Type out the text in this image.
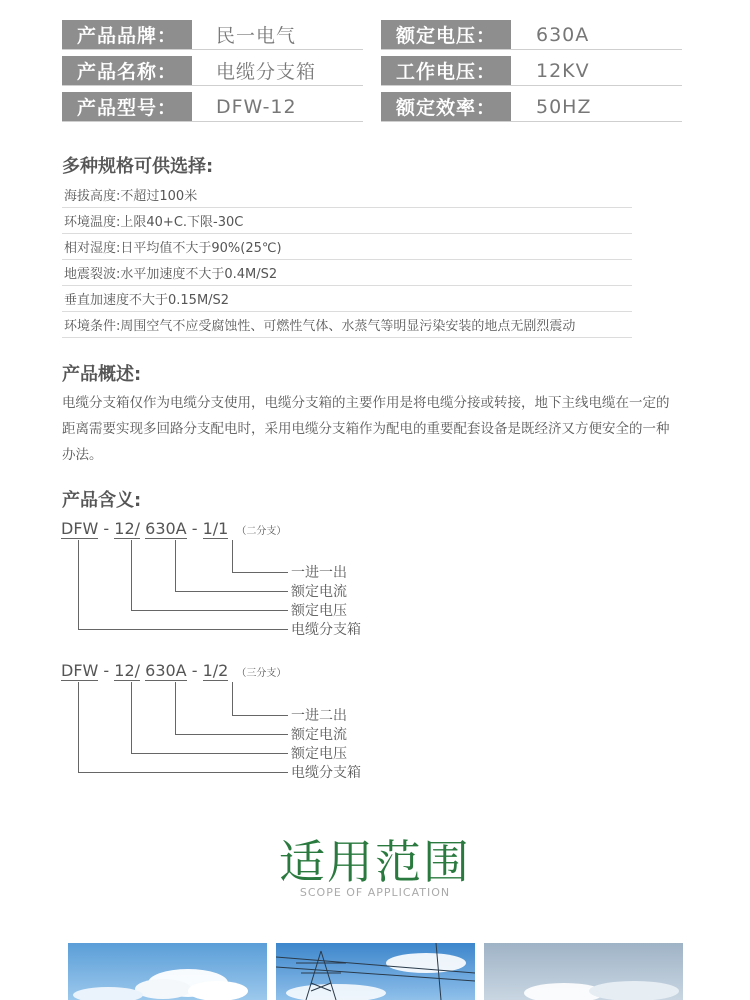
产品品牌：	民一电气	额定电压：	630A
产品名称：	电缆分支箱	工作电压：	12KV
产品型号：	DFW-12	额定效率：	50HZ
多种规格可供选择:
海拔高度:不超过100米
环境温度:上限40+C.下限-30C
相对湿度:日平均值不大于90%(25℃)
地震裂波:水平加速度不大于0.4M/S2
垂直加速度不大于0.15M/S2
环境条件:周围空气不应受腐蚀性、可燃性气体、水蒸气等明显污染安装的地点无剧烈震动
产品概述:
电缆分支箱仅作为电缆分支使用，电缆分支箱的主要作用是将电缆分接或转接，地下主线电缆在一定的距离需要实现多回路分支配电时，采用电缆分支箱作为配电的重要配套设备是既经济又方便安全的一种办法。
产品含义:
DFW - 12/ 630A - 1/1 （二分支）
一进一出
额定电流
额定电压
电缆分支箱
DFW - 12/ 630A - 1/2 （三分支）
一进二出
额定电流
额定电压
电缆分支箱
适用范围
SCOPE OF APPLICATION
